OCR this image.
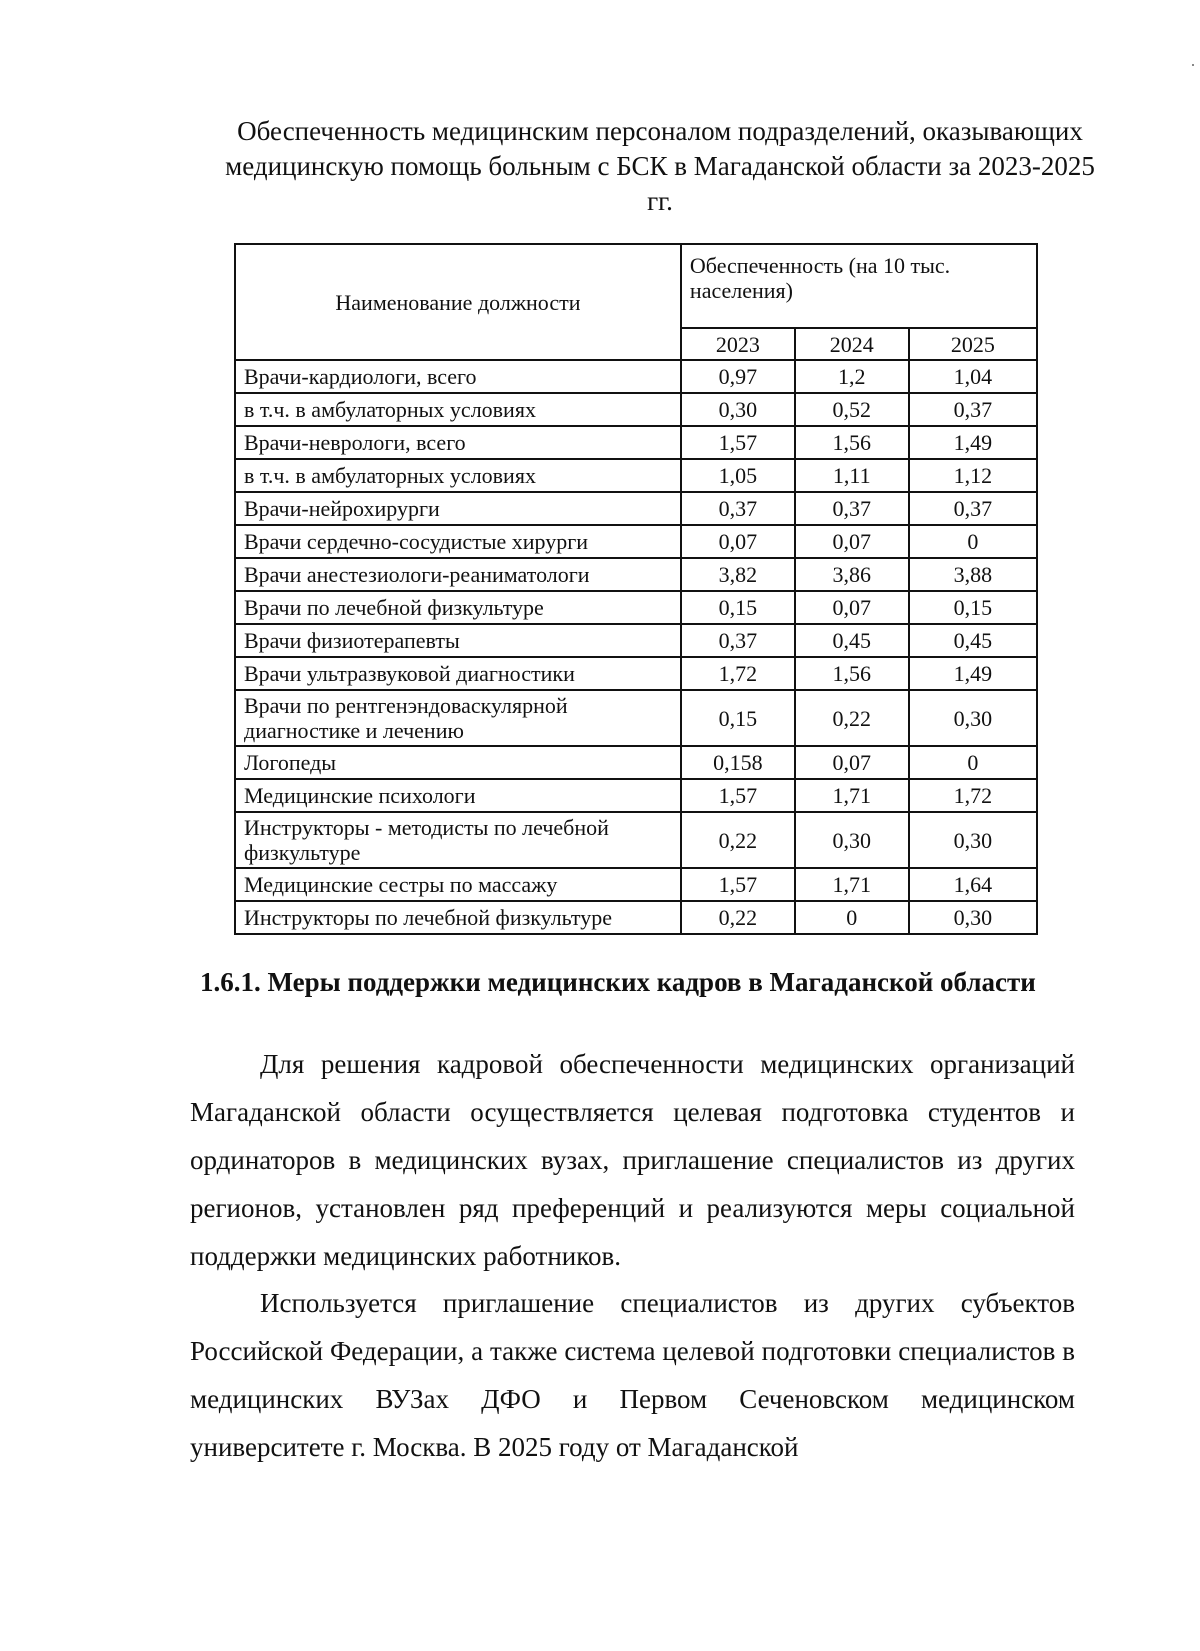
Обеспеченность медицинским персоналом подразделений, оказывающих медицинскую помощь больным с БСК в Магаданской области за 2023-2025 гг.
Наименование должности	Обеспеченность (на 10 тыс. населения)		
	2023	2024	2025
Врачи-кардиологи, всего	0,97	1,2	1,04
в т.ч. в амбулаторных условиях	0,30	0,52	0,37
Врачи-неврологи, всего	1,57	1,56	1,49
в т.ч. в амбулаторных условиях	1,05	1,11	1,12
Врачи-нейрохирурги	0,37	0,37	0,37
Врачи сердечно-сосудистые хирурги	0,07	0,07	0
Врачи анестезиологи-реаниматологи	3,82	3,86	3,88
Врачи по лечебной физкультуре	0,15	0,07	0,15
Врачи физиотерапевты	0,37	0,45	0,45
Врачи ультразвуковой диагностики	1,72	1,56	1,49
Врачи по рентгенэндоваскулярной диагностике и лечению	0,15	0,22	0,30
Логопеды	0,158	0,07	0
Медицинские психологи	1,57	1,71	1,72
Инструкторы - методисты по лечебной физкультуре	0,22	0,30	0,30
Медицинские сестры по массажу	1,57	1,71	1,64
Инструкторы по лечебной физкультуре	0,22	0	0,30
1.6.1. Меры поддержки медицинских кадров в Магаданской области

Для решения кадровой обеспеченности медицинских организаций Магаданской области осуществляется целевая подготовка студентов и ординаторов в медицинских вузах, приглашение специалистов из других регионов, установлен ряд преференций и реализуются меры социальной поддержки медицинских работников.

Используется приглашение специалистов из других субъектов Российской Федерации, а также система целевой подготовки специалистов в медицинских ВУЗах ДФО и Первом Сеченовском медицинском университете г. Москва. В 2025 году от Магаданской
